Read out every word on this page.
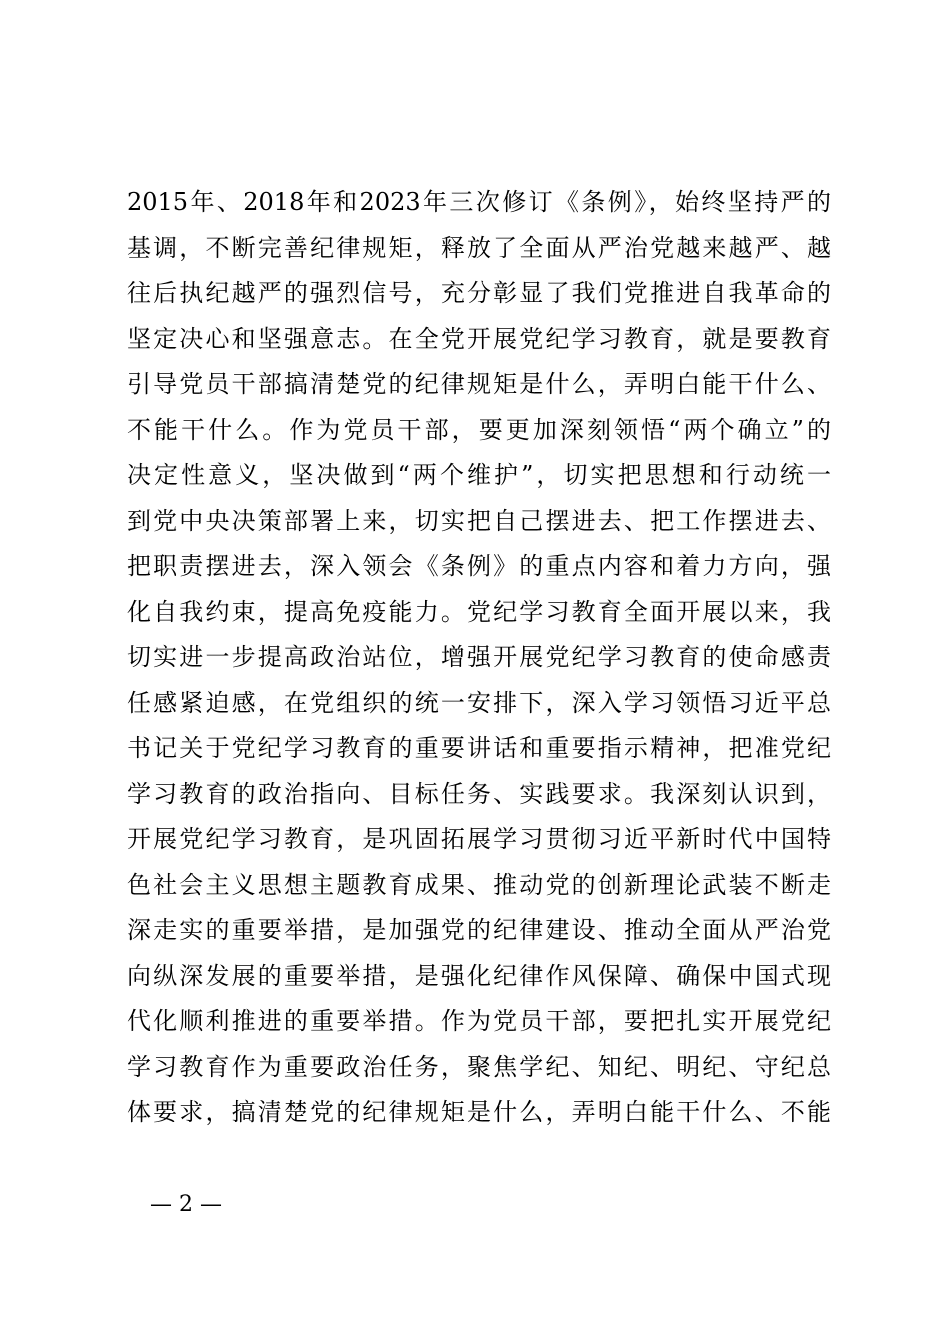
2015年、2018年和2023年三次修订《条例》，始终坚持严的
基调，不断完善纪律规矩，释放了全面从严治党越来越严、越
往后执纪越严的强烈信号，充分彰显了我们党推进自我革命的
坚定决心和坚强意志。在全党开展党纪学习教育，就是要教育
引导党员干部搞清楚党的纪律规矩是什么，弄明白能干什么、
不能干什么。作为党员干部，要更加深刻领悟“两个确立”的
决定性意义，坚决做到“两个维护”，切实把思想和行动统一
到党中央决策部署上来，切实把自己摆进去、把工作摆进去、
把职责摆进去，深入领会《条例》的重点内容和着力方向，强
化自我约束，提高免疫能力。党纪学习教育全面开展以来，我
切实进一步提高政治站位，增强开展党纪学习教育的使命感责
任感紧迫感，在党组织的统一安排下，深入学习领悟习近平总
书记关于党纪学习教育的重要讲话和重要指示精神，把准党纪
学习教育的政治指向、目标任务、实践要求。我深刻认识到，
开展党纪学习教育，是巩固拓展学习贯彻习近平新时代中国特
色社会主义思想主题教育成果、推动党的创新理论武装不断走
深走实的重要举措，是加强党的纪律建设、推动全面从严治党
向纵深发展的重要举措，是强化纪律作风保障、确保中国式现
代化顺利推进的重要举措。作为党员干部，要把扎实开展党纪
学习教育作为重要政治任务，聚焦学纪、知纪、明纪、守纪总
体要求，搞清楚党的纪律规矩是什么，弄明白能干什么、不能
— 2 —
